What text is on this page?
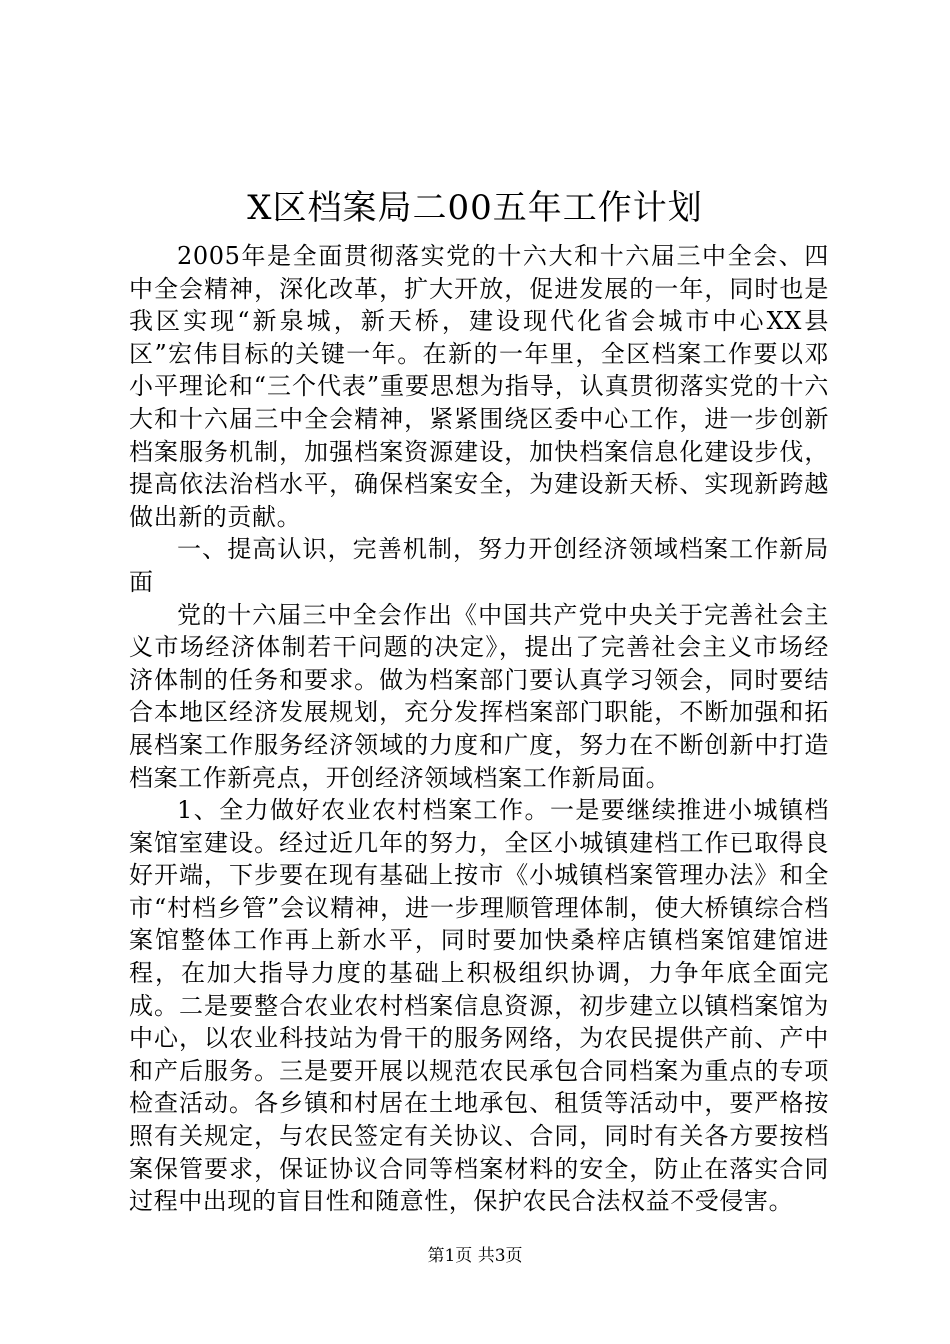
X区档案局二00五年工作计划

2005年是全面贯彻落实党的十六大和十六届三中全会、四中全会精神，深化改革，扩大开放，促进发展的一年，同时也是我区实现“新泉城，新天桥，建设现代化省会城市中心XX县区”宏伟目标的关键一年。在新的一年里，全区档案工作要以邓小平理论和“三个代表”重要思想为指导，认真贯彻落实党的十六大和十六届三中全会精神，紧紧围绕区委中心工作，进一步创新档案服务机制，加强档案资源建设，加快档案信息化建设步伐，提高依法治档水平，确保档案安全，为建设新天桥、实现新跨越做出新的贡献。

一、提高认识，完善机制，努力开创经济领域档案工作新局面

党的十六届三中全会作出《中国共产党中央关于完善社会主义市场经济体制若干问题的决定》，提出了完善社会主义市场经济体制的任务和要求。做为档案部门要认真学习领会，同时要结合本地区经济发展规划，充分发挥档案部门职能，不断加强和拓展档案工作服务经济领域的力度和广度，努力在不断创新中打造档案工作新亮点，开创经济领域档案工作新局面。

1、全力做好农业农村档案工作。一是要继续推进小城镇档案馆室建设。经过近几年的努力，全区小城镇建档工作已取得良好开端，下步要在现有基础上按市《小城镇档案管理办法》和全市“村档乡管”会议精神，进一步理顺管理体制，使大桥镇综合档案馆整体工作再上新水平，同时要加快桑梓店镇档案馆建馆进程，在加大指导力度的基础上积极组织协调，力争年底全面完成。二是要整合农业农村档案信息资源，初步建立以镇档案馆为中心，以农业科技站为骨干的服务网络，为农民提供产前、产中和产后服务。三是要开展以规范农民承包合同档案为重点的专项检查活动。各乡镇和村居在土地承包、租赁等活动中，要严格按照有关规定，与农民签定有关协议、合同，同时有关各方要按档案保管要求，保证协议合同等档案材料的安全，防止在落实合同过程中出现的盲目性和随意性，保护农民合法权益不受侵害。

第1页 共3页
